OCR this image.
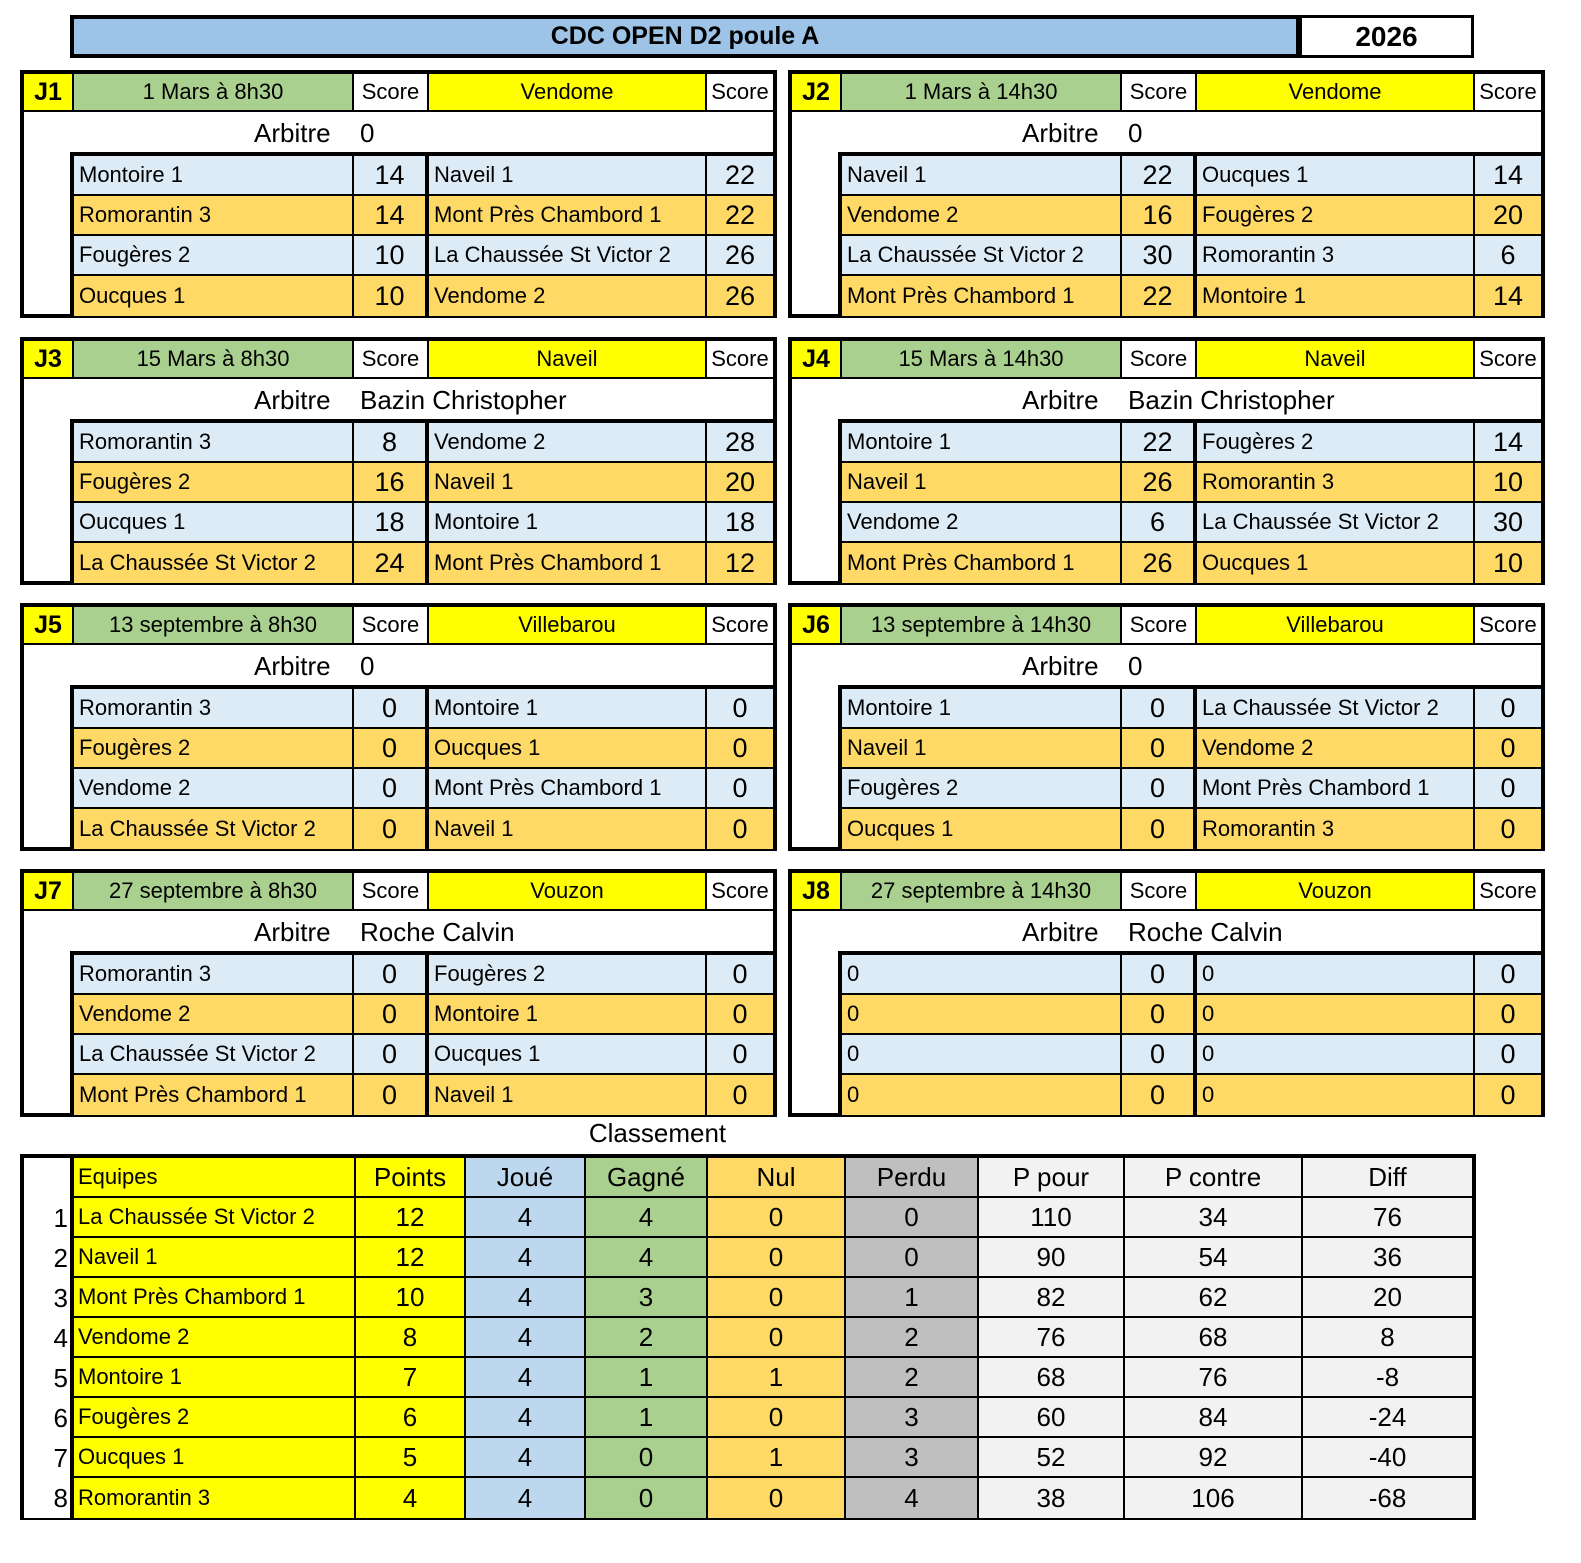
CDC OPEN D2 poule A	2026
J1	1 Mars à 8h30	Score	Vendome	Score
Arbitre 0
Montoire 1	14	Naveil 1	22
Romorantin 3	14	Mont Près Chambord 1	22
Fougères 2	10	La Chaussée St Victor 2	26
Oucques 1	10	Vendome 2	26
J2	1 Mars à 14h30	Score	Vendome	Score
Arbitre 0
Naveil 1	22	Oucques 1	14
Vendome 2	16	Fougères 2	20
La Chaussée St Victor 2	30	Romorantin 3	6
Mont Près Chambord 1	22	Montoire 1	14
J3	15 Mars à 8h30	Score	Naveil	Score
Arbitre Bazin Christopher
Romorantin 3	8	Vendome 2	28
Fougères 2	16	Naveil 1	20
Oucques 1	18	Montoire 1	18
La Chaussée St Victor 2	24	Mont Près Chambord 1	12
J4	15 Mars à 14h30	Score	Naveil	Score
Arbitre Bazin Christopher
Montoire 1	22	Fougères 2	14
Naveil 1	26	Romorantin 3	10
Vendome 2	6	La Chaussée St Victor 2	30
Mont Près Chambord 1	26	Oucques 1	10
J5	13 septembre à 8h30	Score	Villebarou	Score
Arbitre 0
Romorantin 3	0	Montoire 1	0
Fougères 2	0	Oucques 1	0
Vendome 2	0	Mont Près Chambord 1	0
La Chaussée St Victor 2	0	Naveil 1	0
J6	13 septembre à 14h30	Score	Villebarou	Score
Arbitre 0
Montoire 1	0	La Chaussée St Victor 2	0
Naveil 1	0	Vendome 2	0
Fougères 2	0	Mont Près Chambord 1	0
Oucques 1	0	Romorantin 3	0
J7	27 septembre à 8h30	Score	Vouzon	Score
Arbitre Roche Calvin
Romorantin 3	0	Fougères 2	0
Vendome 2	0	Montoire 1	0
La Chaussée St Victor 2	0	Oucques 1	0
Mont Près Chambord 1	0	Naveil 1	0
J8	27 septembre à 14h30	Score	Vouzon	Score
Arbitre Roche Calvin
0	0	0	0
0	0	0	0
0	0	0	0
0	0	0	0
Classement
Equipes	Points	Joué	Gagné	Nul	Perdu	P pour	P contre	Diff
1 La Chaussée St Victor 2	12	4	4	0	0	110	34	76
2 Naveil 1	12	4	4	0	0	90	54	36
3 Mont Près Chambord 1	10	4	3	0	1	82	62	20
4 Vendome 2	8	4	2	0	2	76	68	8
5 Montoire 1	7	4	1	1	2	68	76	-8
6 Fougères 2	6	4	1	0	3	60	84	-24
7 Oucques 1	5	4	0	1	3	52	92	-40
8 Romorantin 3	4	4	0	0	4	38	106	-68
